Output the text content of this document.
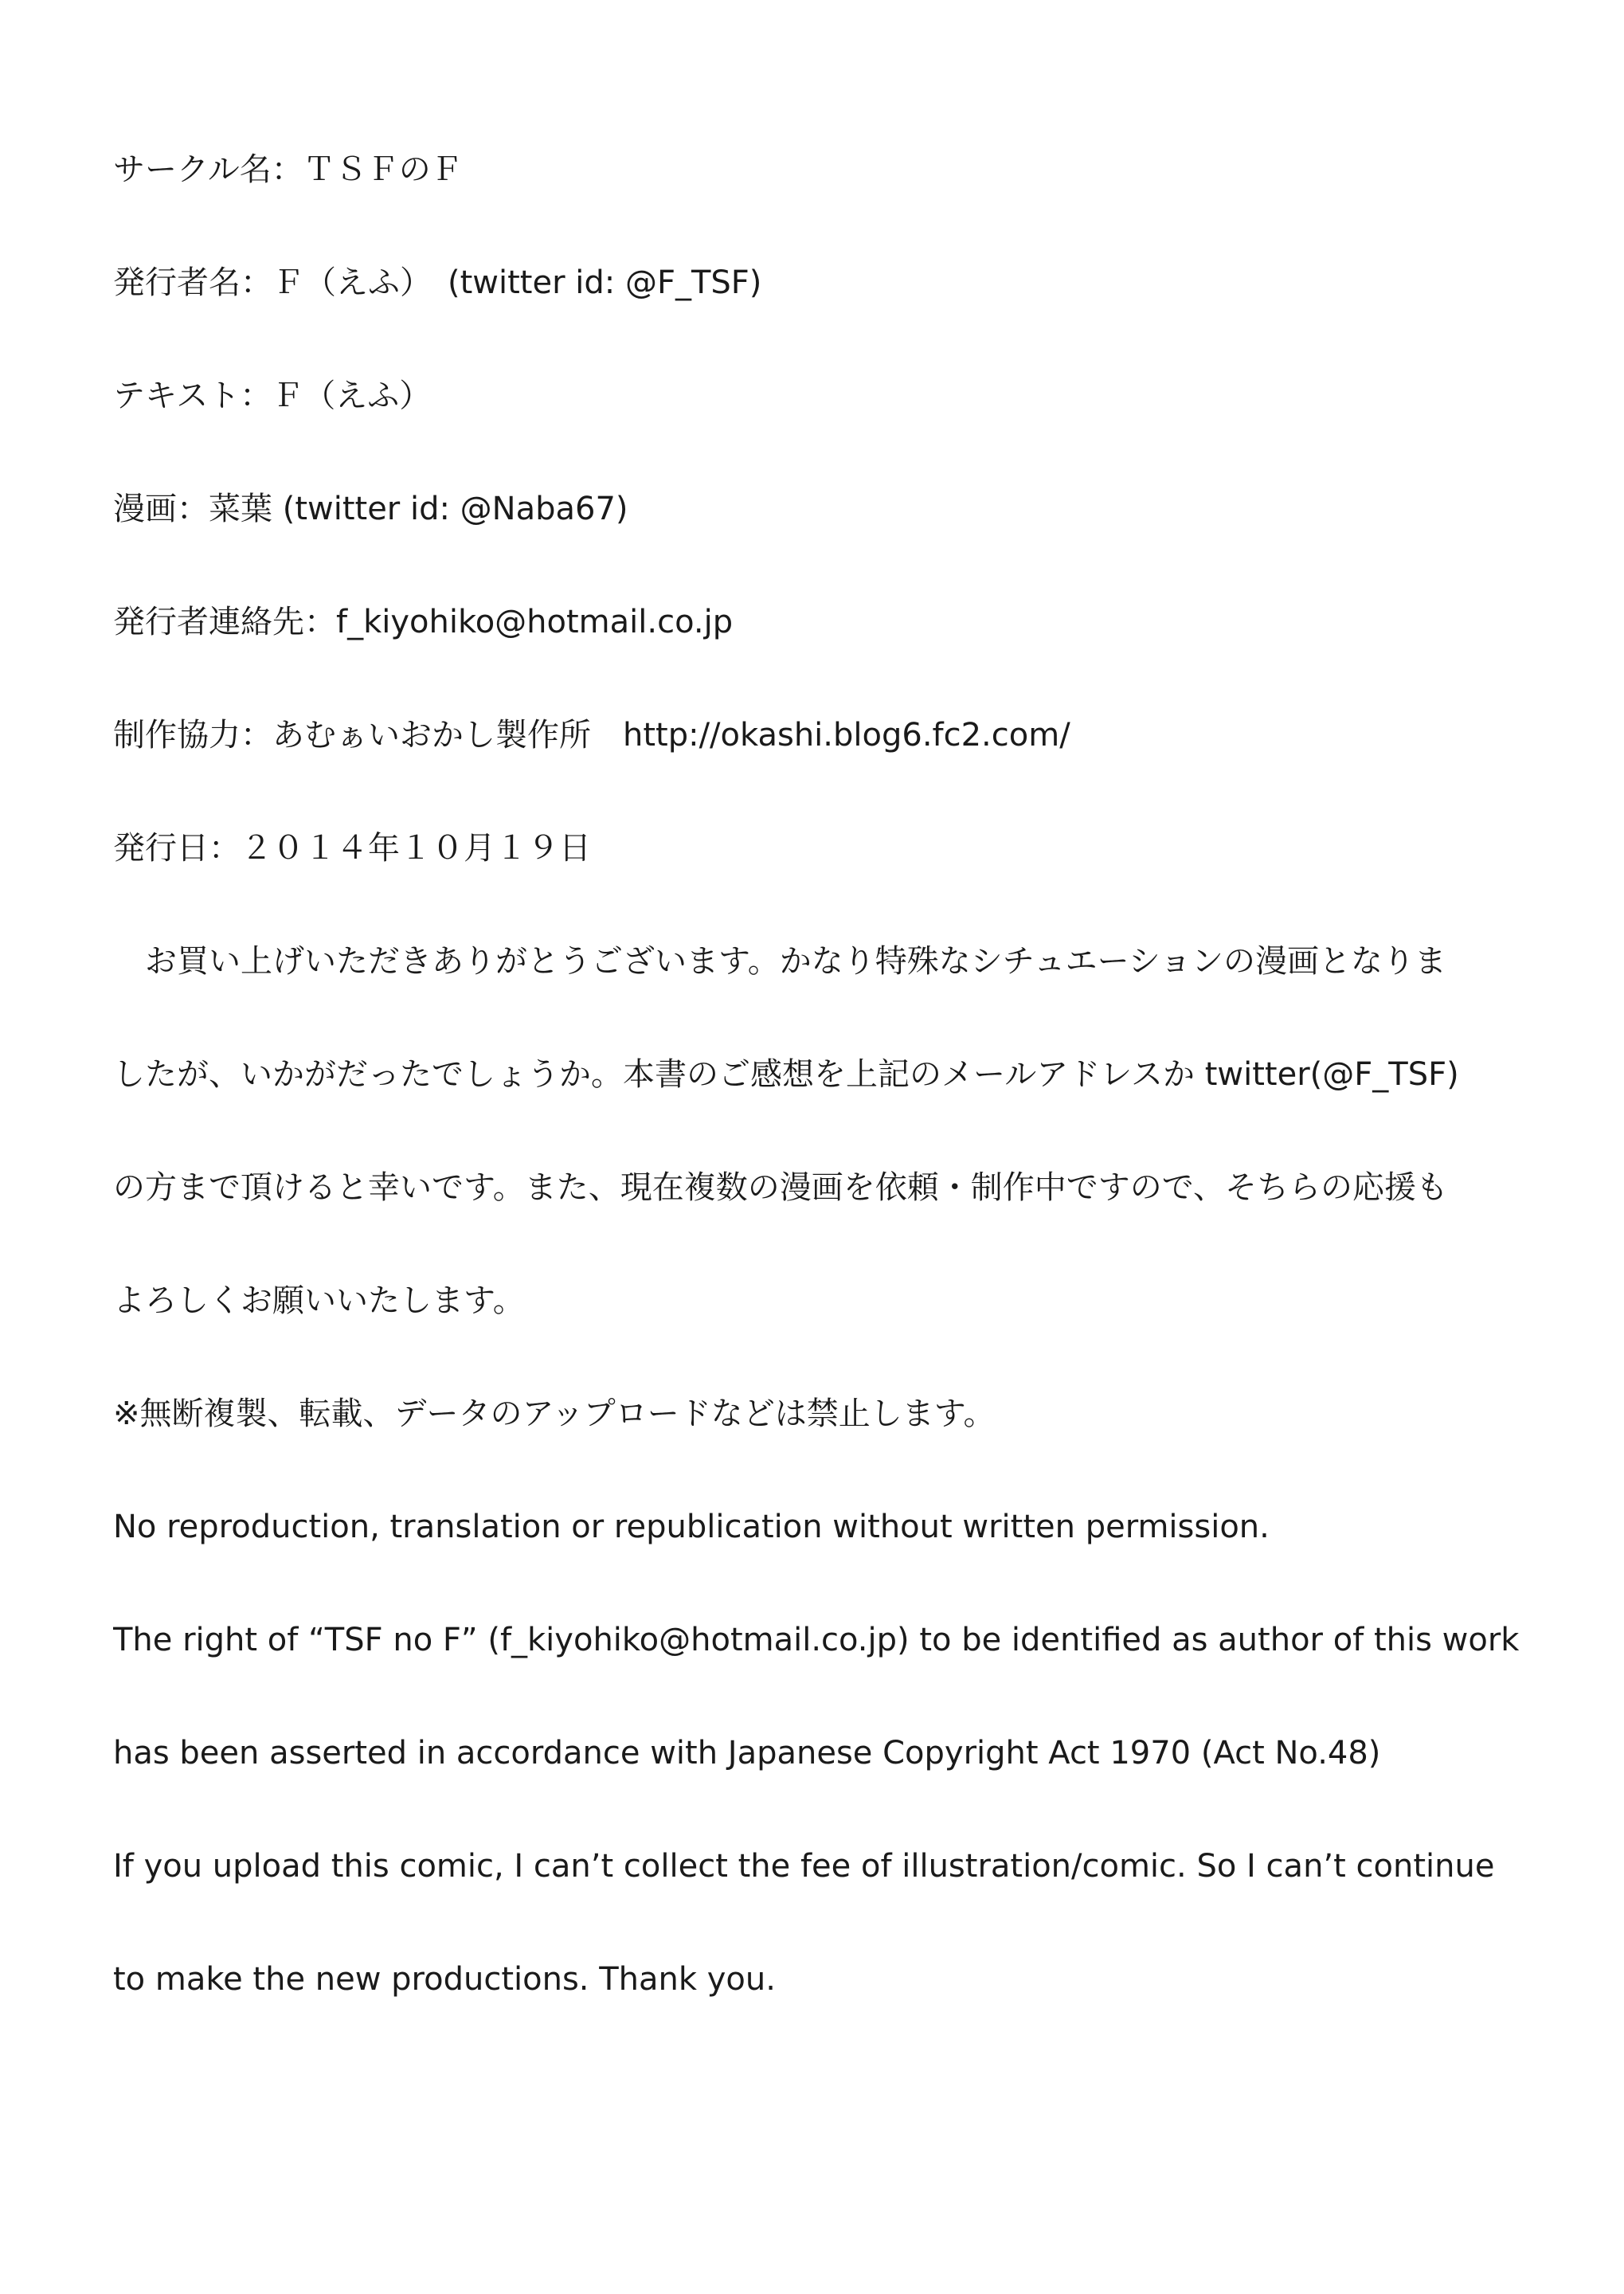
サークル名：ＴＳＦのＦ
発行者名：Ｆ（えふ）　(twitter id: @F_TSF)
テキスト：Ｆ（えふ）
漫画：菜葉 (twitter id: @Naba67)
発行者連絡先：f_kiyohiko@hotmail.co.jp
制作協力：あむぁいおかし製作所　http://okashi.blog6.fc2.com/
発行日：２０１４年１０月１９日
　お買い上げいただきありがとうございます。かなり特殊なシチュエーションの漫画となりま
したが、いかがだったでしょうか。本書のご感想を上記のメールアドレスか twitter(@F_TSF)
の方まで頂けると幸いです。また、現在複数の漫画を依頼・制作中ですので、そちらの応援も
よろしくお願いいたします。
※無断複製、転載、データのアップロードなどは禁止します。
No reproduction, translation or republication without written permission.
The right of “TSF no F” (f_kiyohiko@hotmail.co.jp) to be identified as author of this work
has been asserted in accordance with Japanese Copyright Act 1970 (Act No.48)
If you upload this comic, I can’t collect the fee of illustration/comic. So I can’t continue
to make the new productions. Thank you.
